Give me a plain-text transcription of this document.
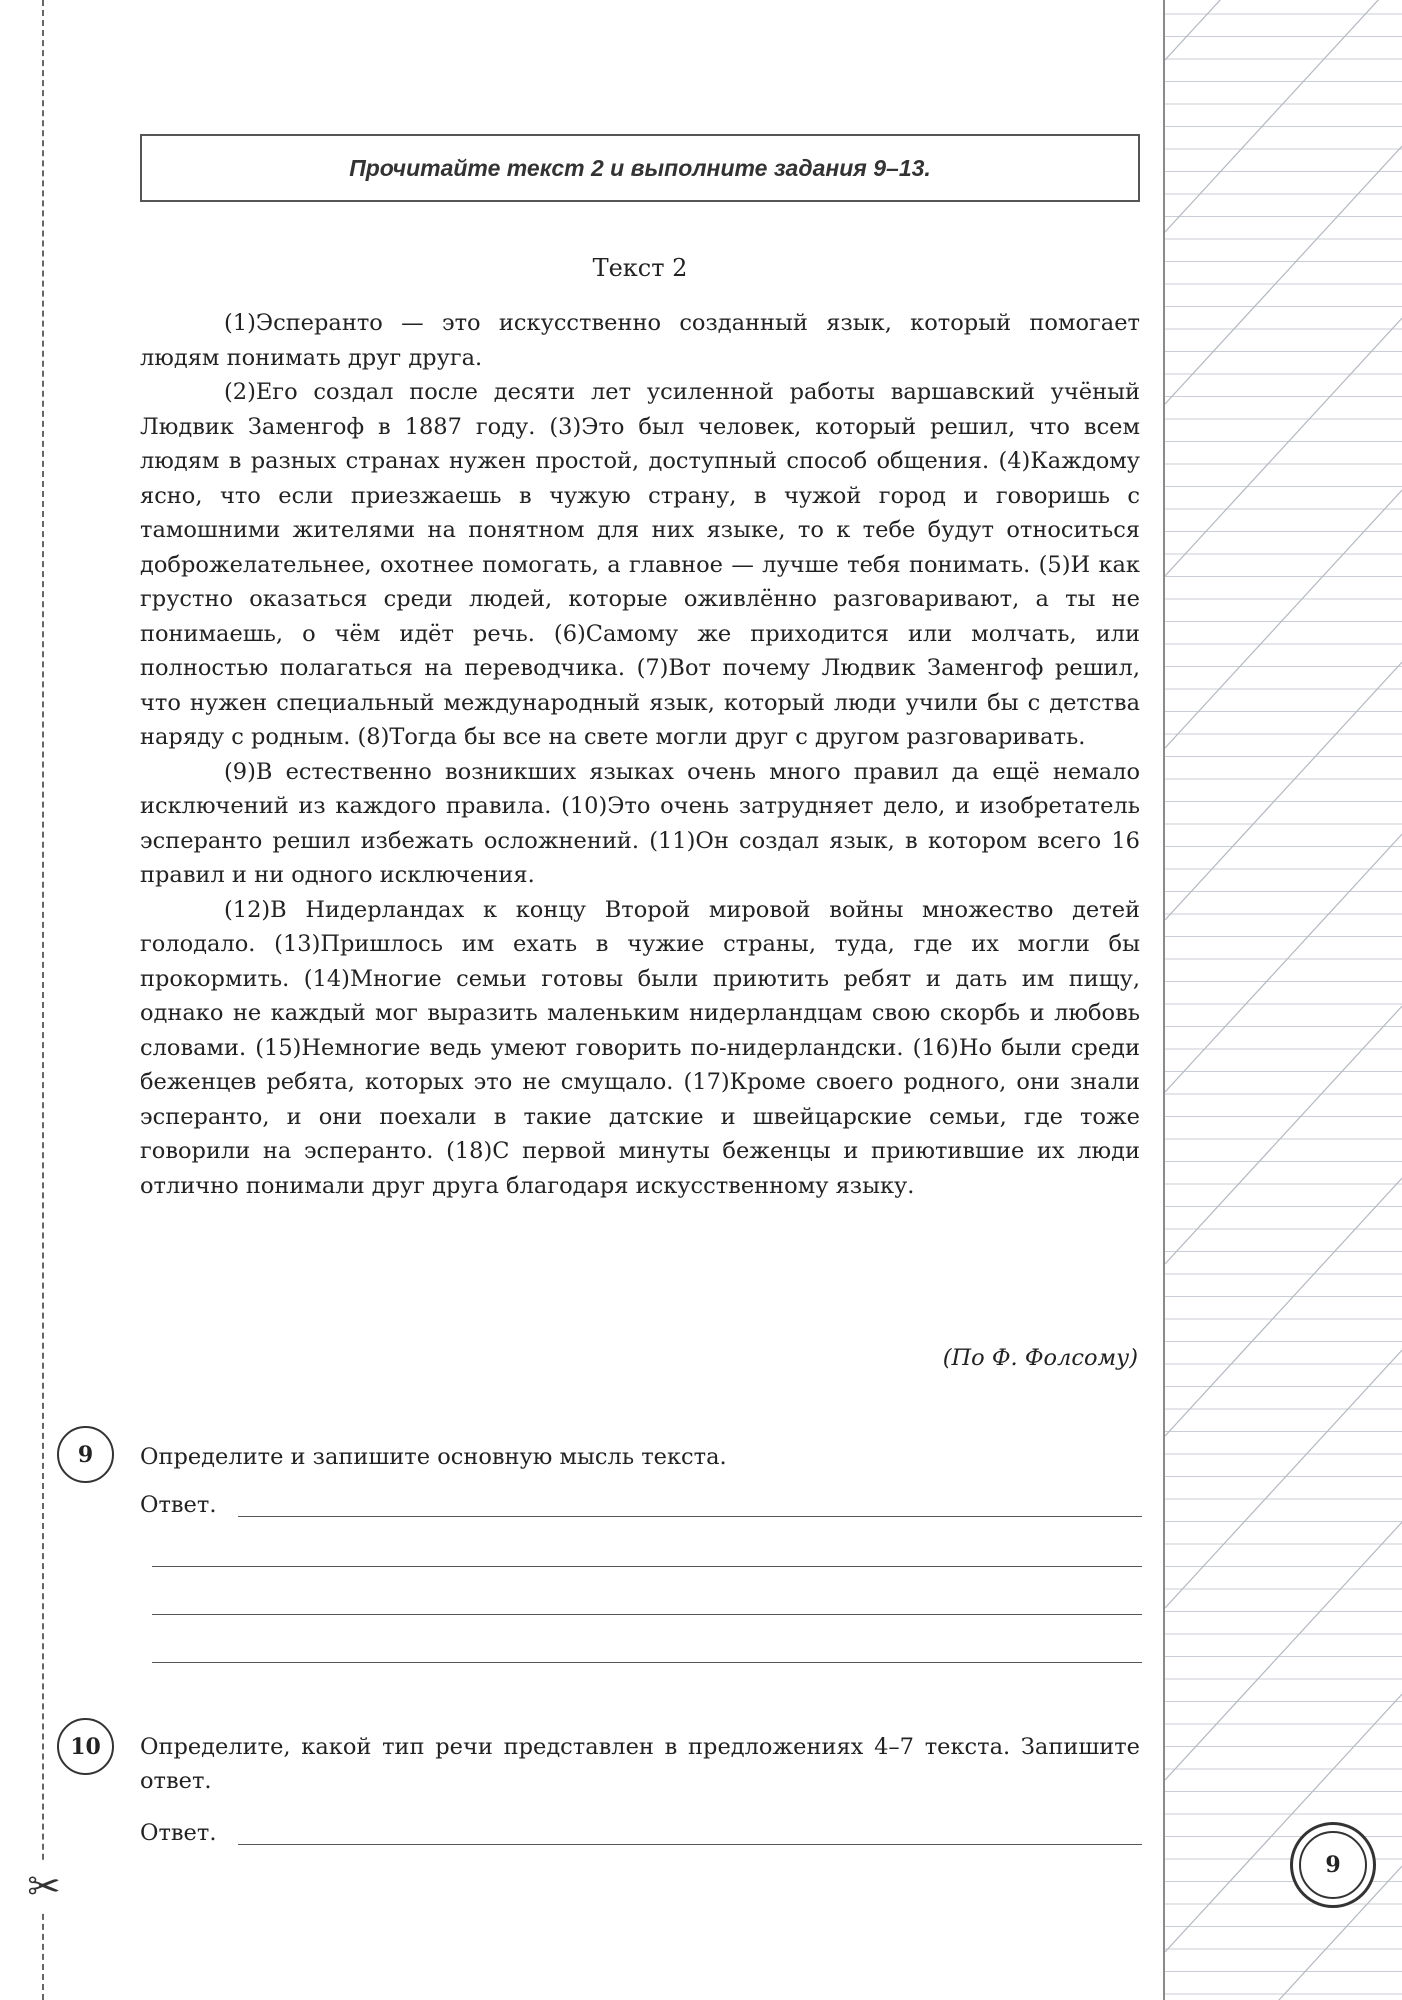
✂
Прочитайте текст 2 и выполните задания 9–13.
Текст 2

(1)Эсперанто — это искусственно созданный язык, который помогает людям понимать друг друга.

(2)Его создал после десяти лет усиленной работы варшавский учёный Людвик Заменгоф в 1887 году. (3)Это был человек, который решил, что всем людям в разных странах нужен простой, доступный способ общения. (4)Каждому ясно, что если приезжаешь в чужую страну, в чужой город и говоришь с тамошними жителями на понятном для них языке, то к тебе будут относиться доброжелательнее, охотнее помогать, а главное — лучше тебя понимать. (5)И как грустно оказаться среди людей, которые оживлённо разговаривают, а ты не понимаешь, о чём идёт речь. (6)Самому же приходится или молчать, или полностью полагаться на переводчика. (7)Вот почему Людвик Заменгоф решил, что нужен специальный международный язык, который люди учили бы с детства наряду с родным. (8)Тогда бы все на свете могли друг с другом разговаривать.

(9)В естественно возникших языках очень много правил да ещё немало исключений из каждого правила. (10)Это очень затрудняет дело, и изобретатель эсперанто решил избежать осложнений. (11)Он создал язык, в котором всего 16 правил и ни одного исключения.

(12)В Нидерландах к концу Второй мировой войны множество детей голодало. (13)Пришлось им ехать в чужие страны, туда, где их могли бы прокормить. (14)Многие семьи готовы были приютить ребят и дать им пищу, однако не каждый мог выразить маленьким нидерландцам свою скорбь и любовь словами. (15)Немногие ведь умеют говорить по-нидерландски. (16)Но были среди беженцев ребята, которых это не смущало. (17)Кроме своего родного, они знали эсперанто, и они поехали в такие датские и швейцарские семьи, где тоже говорили на эсперанто. (18)С первой минуты беженцы и приютившие их люди отлично понимали друг друга благодаря искусственному языку.

(По Ф. Фолсому)
9 Определите и запишите основную мысль текста.
Ответ.
10 Определите, какой тип речи представлен в предложениях 4–7 текста. Запишите ответ.
Ответ.
9
